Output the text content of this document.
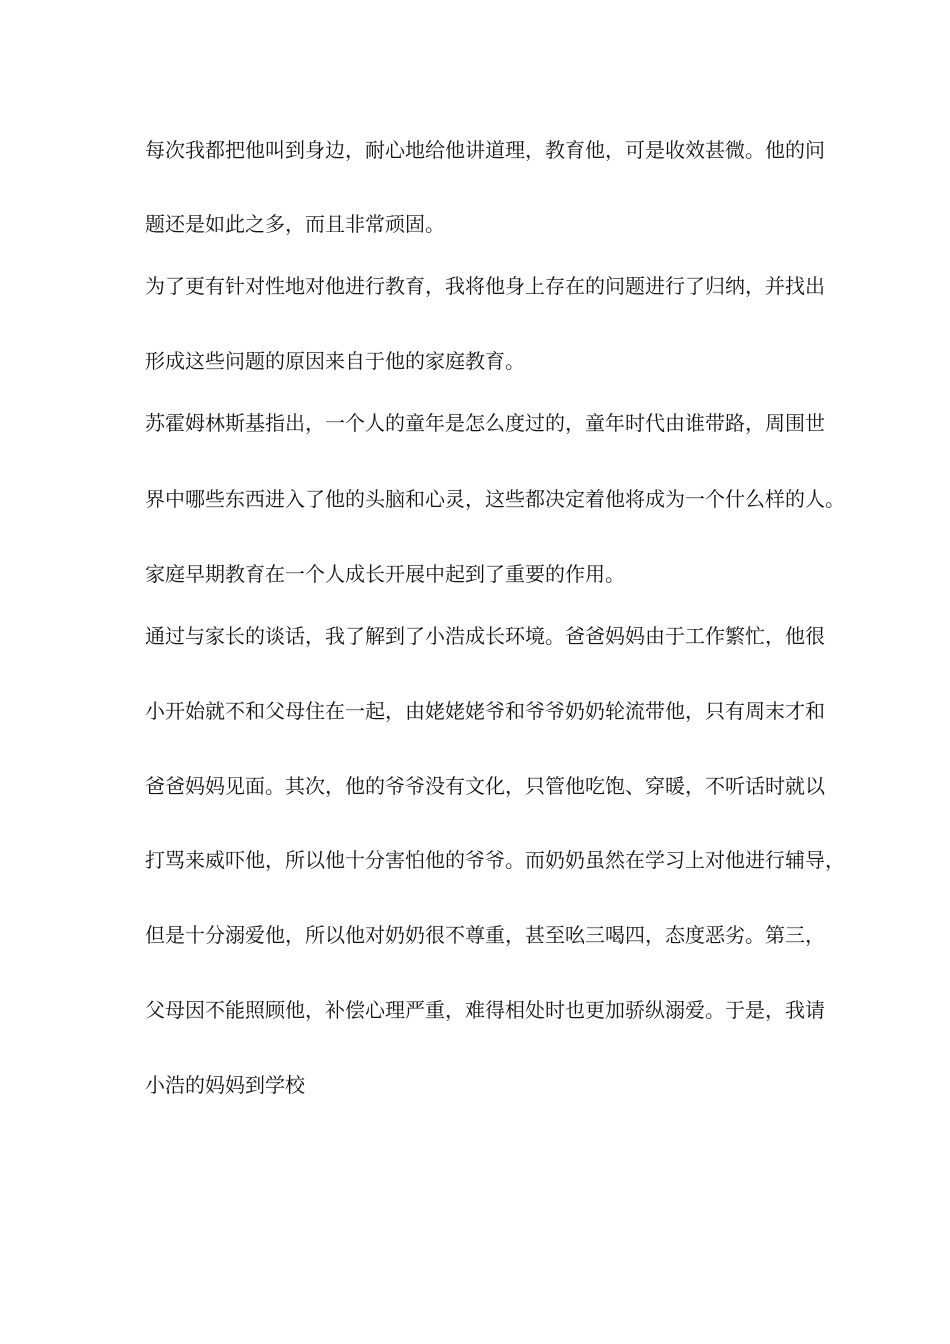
每次我都把他叫到身边，耐心地给他讲道理，教育他，可是收效甚微。他的问
题还是如此之多，而且非常顽固。
为了更有针对性地对他进行教育，我将他身上存在的问题进行了归纳，并找出
形成这些问题的原因来自于他的家庭教育。
苏霍姆林斯基指出，一个人的童年是怎么度过的，童年时代由谁带路，周围世
界中哪些东西进入了他的头脑和心灵，这些都决定着他将成为一个什么样的人。
家庭早期教育在一个人成长开展中起到了重要的作用。
通过与家长的谈话，我了解到了小浩成长环境。爸爸妈妈由于工作繁忙，他很
小开始就不和父母住在一起，由姥姥姥爷和爷爷奶奶轮流带他，只有周末才和
爸爸妈妈见面。其次，他的爷爷没有文化，只管他吃饱、穿暖，不听话时就以
打骂来威吓他，所以他十分害怕他的爷爷。而奶奶虽然在学习上对他进行辅导，
但是十分溺爱他，所以他对奶奶很不尊重，甚至吆三喝四，态度恶劣。第三，
父母因不能照顾他，补偿心理严重，难得相处时也更加骄纵溺爱。于是，我请
小浩的妈妈到学校
